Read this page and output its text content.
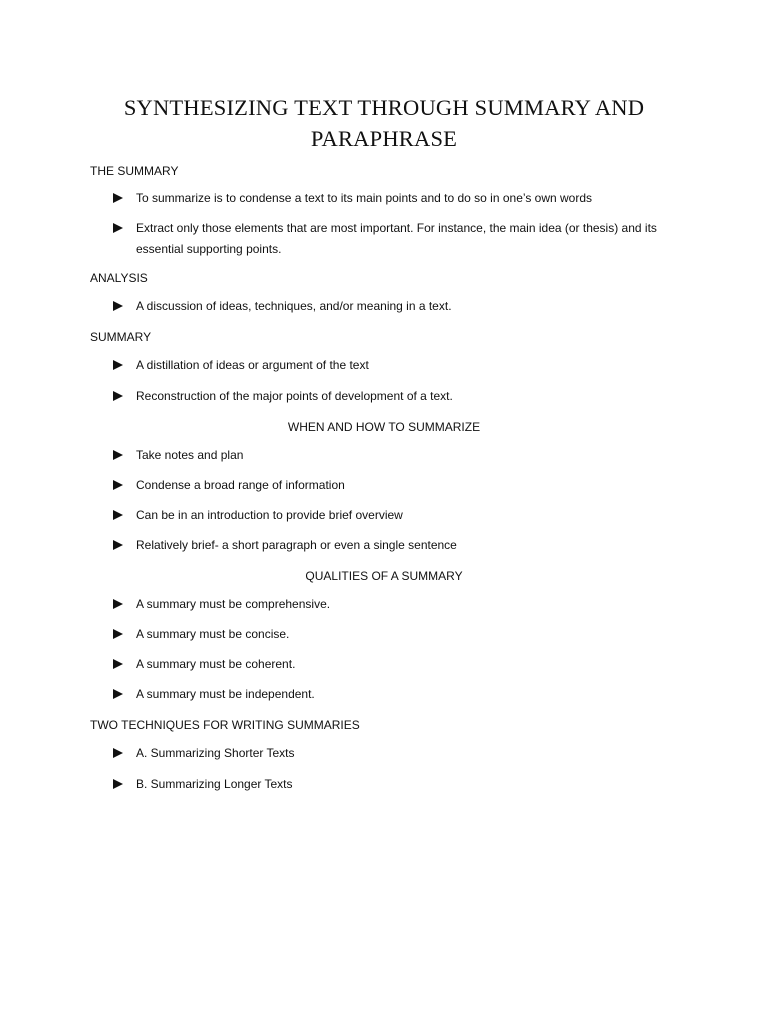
SYNTHESIZING TEXT THROUGH SUMMARY AND PARAPHRASE
THE SUMMARY
To summarize is to condense a text to its main points and to do so in one’s own words
Extract only those elements that are most important. For instance, the main idea (or thesis) and its essential supporting points.
ANALYSIS
A discussion of ideas, techniques, and/or meaning in a text.
SUMMARY
A distillation of ideas or argument of the text
Reconstruction of the major points of development of a text.
WHEN AND HOW TO SUMMARIZE
Take notes and plan
Condense a broad range of information
Can be in an introduction to provide brief overview
Relatively brief- a short paragraph or even a single sentence
QUALITIES OF A SUMMARY
A summary must be comprehensive.
A summary must be concise.
A summary must be coherent.
A summary must be independent.
TWO TECHNIQUES FOR WRITING SUMMARIES
A. Summarizing Shorter Texts
B. Summarizing Longer Texts
